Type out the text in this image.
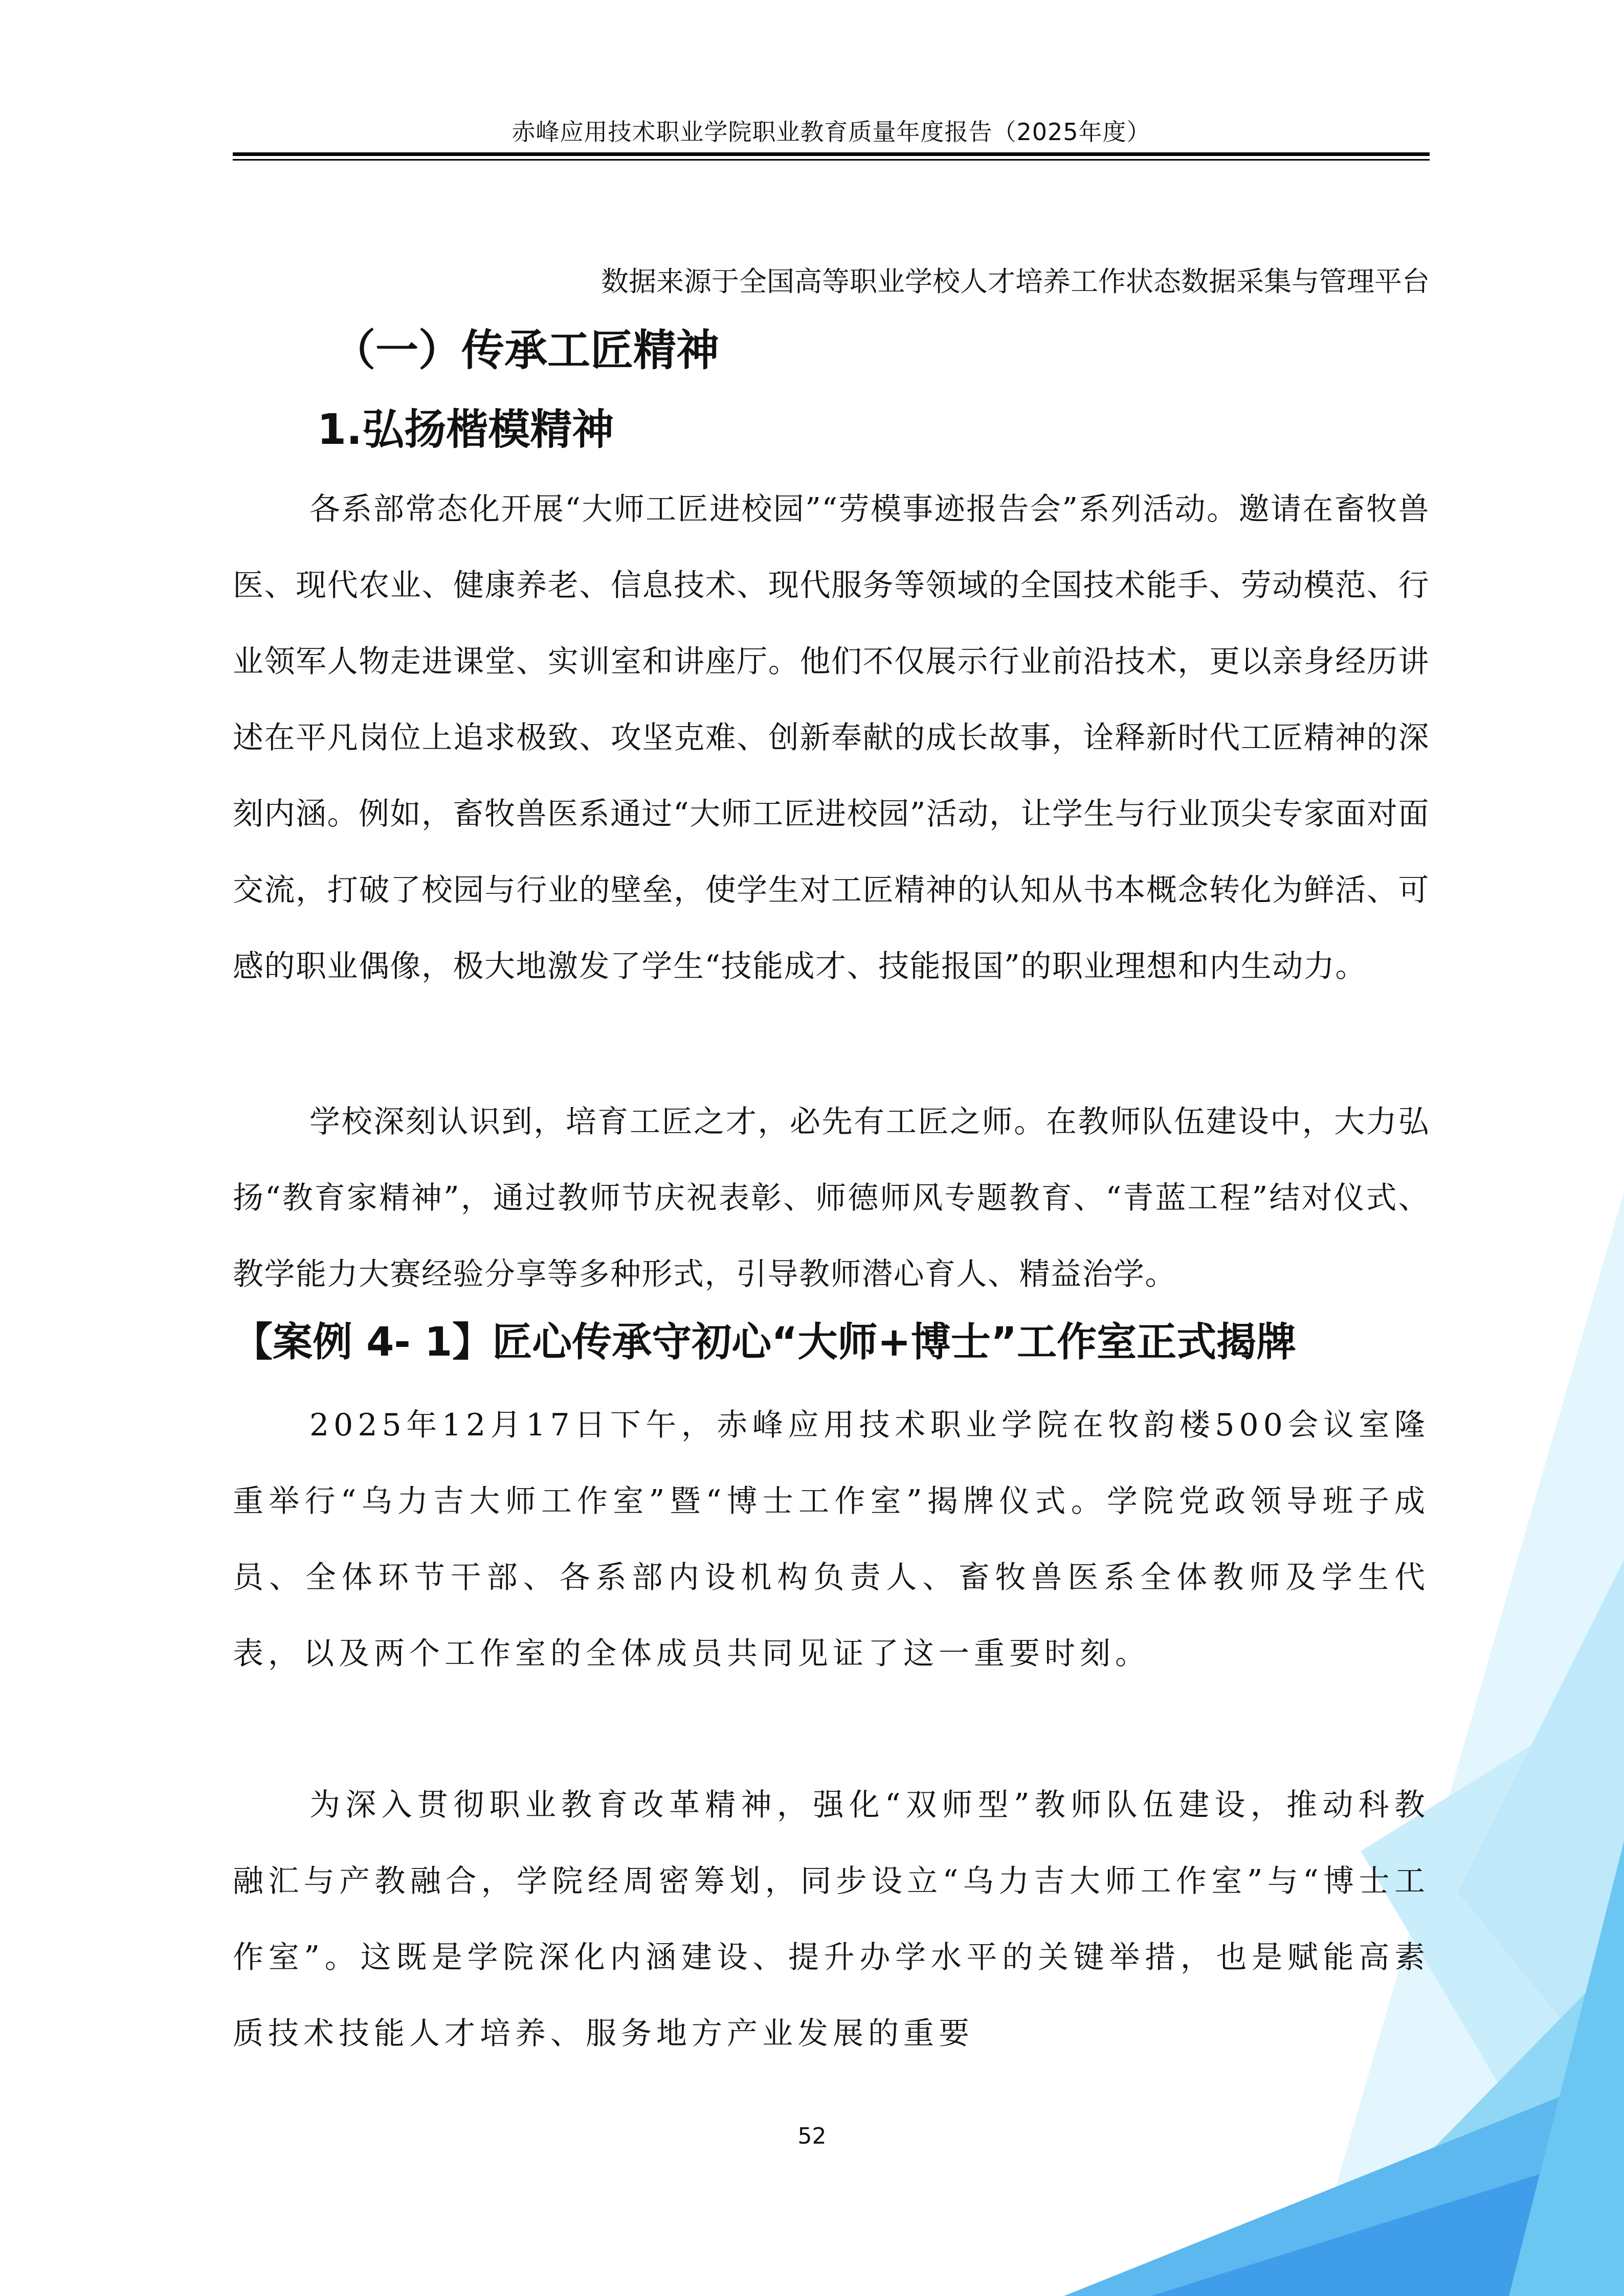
赤峰应用技术职业学院职业教育质量年度报告（2025年度）
数据来源于全国高等职业学校人才培养工作状态数据采集与管理平台
（一）传承工匠精神
1.弘扬楷模精神

各系部常态化开展“大师工匠进校园”“劳模事迹报告会”系列活动。邀请在畜牧兽医、现代农业、健康养老、信息技术、现代服务等领域的全国技术能手、劳动模范、行业领军人物走进课堂、实训室和讲座厅。他们不仅展示行业前沿技术，更以亲身经历讲述在平凡岗位上追求极致、攻坚克难、创新奉献的成长故事，诠释新时代工匠精神的深刻内涵。例如，畜牧兽医系通过“大师工匠进校园”活动，让学生与行业顶尖专家面对面交流，打破了校园与行业的壁垒，使学生对工匠精神的认知从书本概念转化为鲜活、可感的职业偶像，极大地激发了学生“技能成才、技能报国”的职业理想和内生动力。

学校深刻认识到，培育工匠之才，必先有工匠之师。在教师队伍建设中，大力弘扬“教育家精神”，通过教师节庆祝表彰、师德师风专题教育、“青蓝工程”结对仪式、教学能力大赛经验分享等多种形式，引导教师潜心育人、精益治学。

【案例 4- 1】匠心传承守初心“大师+博士”工作室正式揭牌

2025年12月17日下午，赤峰应用技术职业学院在牧韵楼500会议室隆重举行“乌力吉大师工作室”暨“博士工作室”揭牌仪式。学院党政领导班子成员、全体环节干部、各系部内设机构负责人、畜牧兽医系全体教师及学生代表，以及两个工作室的全体成员共同见证了这一重要时刻。

为深入贯彻职业教育改革精神，强化“双师型”教师队伍建设，推动科教融汇与产教融合，学院经周密筹划，同步设立“乌力吉大师工作室”与“博士工作室”。这既是学院深化内涵建设、提升办学水平的关键举措，也是赋能高素质技术技能人才培养、服务地方产业发展的重要

52
